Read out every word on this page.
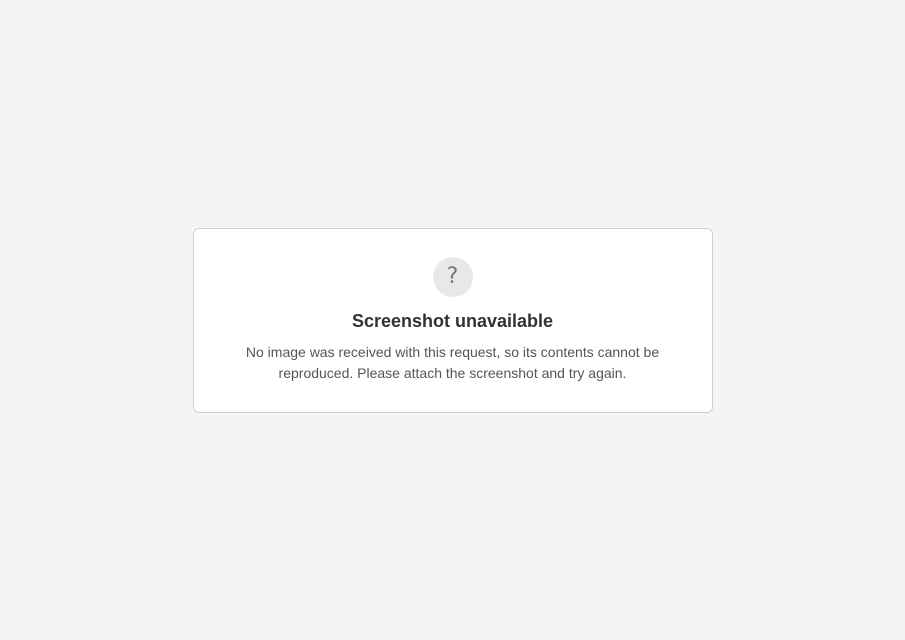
?

Screenshot unavailable

No image was received with this request, so its contents cannot be reproduced. Please attach the screenshot and try again.
